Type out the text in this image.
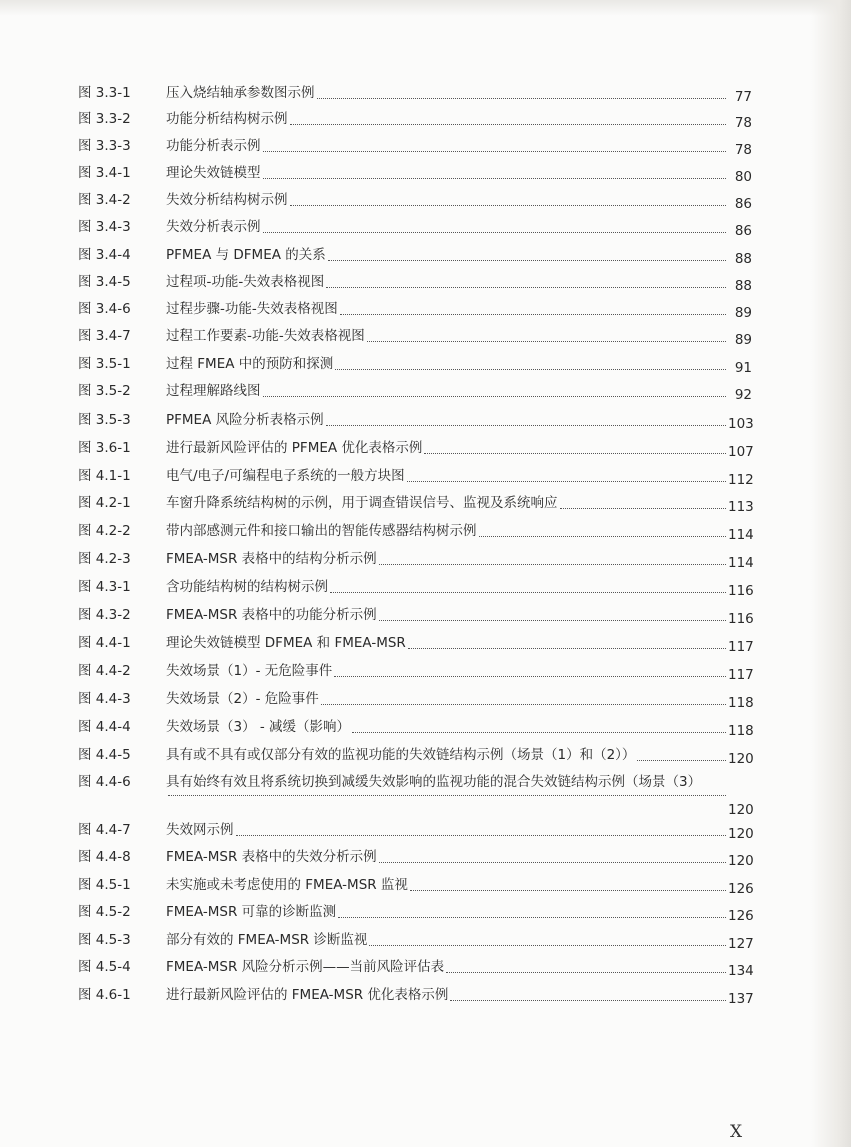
图 3.3-1	压入烧结轴承参数图示例	77
图 3.3-2	功能分析结构树示例	78
图 3.3-3	功能分析表示例	78
图 3.4-1	理论失效链模型	80
图 3.4-2	失效分析结构树示例	86
图 3.4-3	失效分析表示例	86
图 3.4-4	PFMEA 与 DFMEA 的关系	88
图 3.4-5	过程项-功能-失效表格视图	88
图 3.4-6	过程步骤-功能-失效表格视图	89
图 3.4-7	过程工作要素-功能-失效表格视图	89
图 3.5-1	过程 FMEA 中的预防和探测	91
图 3.5-2	过程理解路线图	92
图 3.5-3	PFMEA 风险分析表格示例	103
图 3.6-1	进行最新风险评估的 PFMEA 优化表格示例	107
图 4.1-1	电气/电子/可编程电子系统的一般方块图	112
图 4.2-1	车窗升降系统结构树的示例，用于调查错误信号、监视及系统响应	113
图 4.2-2	带内部感测元件和接口输出的智能传感器结构树示例	114
图 4.2-3	FMEA-MSR 表格中的结构分析示例	114
图 4.3-1	含功能结构树的结构树示例	116
图 4.3-2	FMEA-MSR 表格中的功能分析示例	116
图 4.4-1	理论失效链模型 DFMEA 和 FMEA-MSR	117
图 4.4-2	失效场景（1）- 无危险事件	117
图 4.4-3	失效场景（2）- 危险事件	118
图 4.4-4	失效场景（3） - 减缓（影响）	118
图 4.4-5	具有或不具有或仅部分有效的监视功能的失效链结构示例（场景（1）和（2））	120
图 4.4-6	具有始终有效且将系统切换到减缓失效影响的监视功能的混合失效链结构示例（场景（3）
120
图 4.4-7	失效网示例	120
图 4.4-8	FMEA-MSR 表格中的失效分析示例	120
图 4.5-1	未实施或未考虑使用的 FMEA-MSR 监视	126
图 4.5-2	FMEA-MSR 可靠的诊断监测	126
图 4.5-3	部分有效的 FMEA-MSR 诊断监视	127
图 4.5-4	FMEA-MSR 风险分析示例——当前风险评估表	134
图 4.6-1	进行最新风险评估的 FMEA-MSR 优化表格示例	137
X
